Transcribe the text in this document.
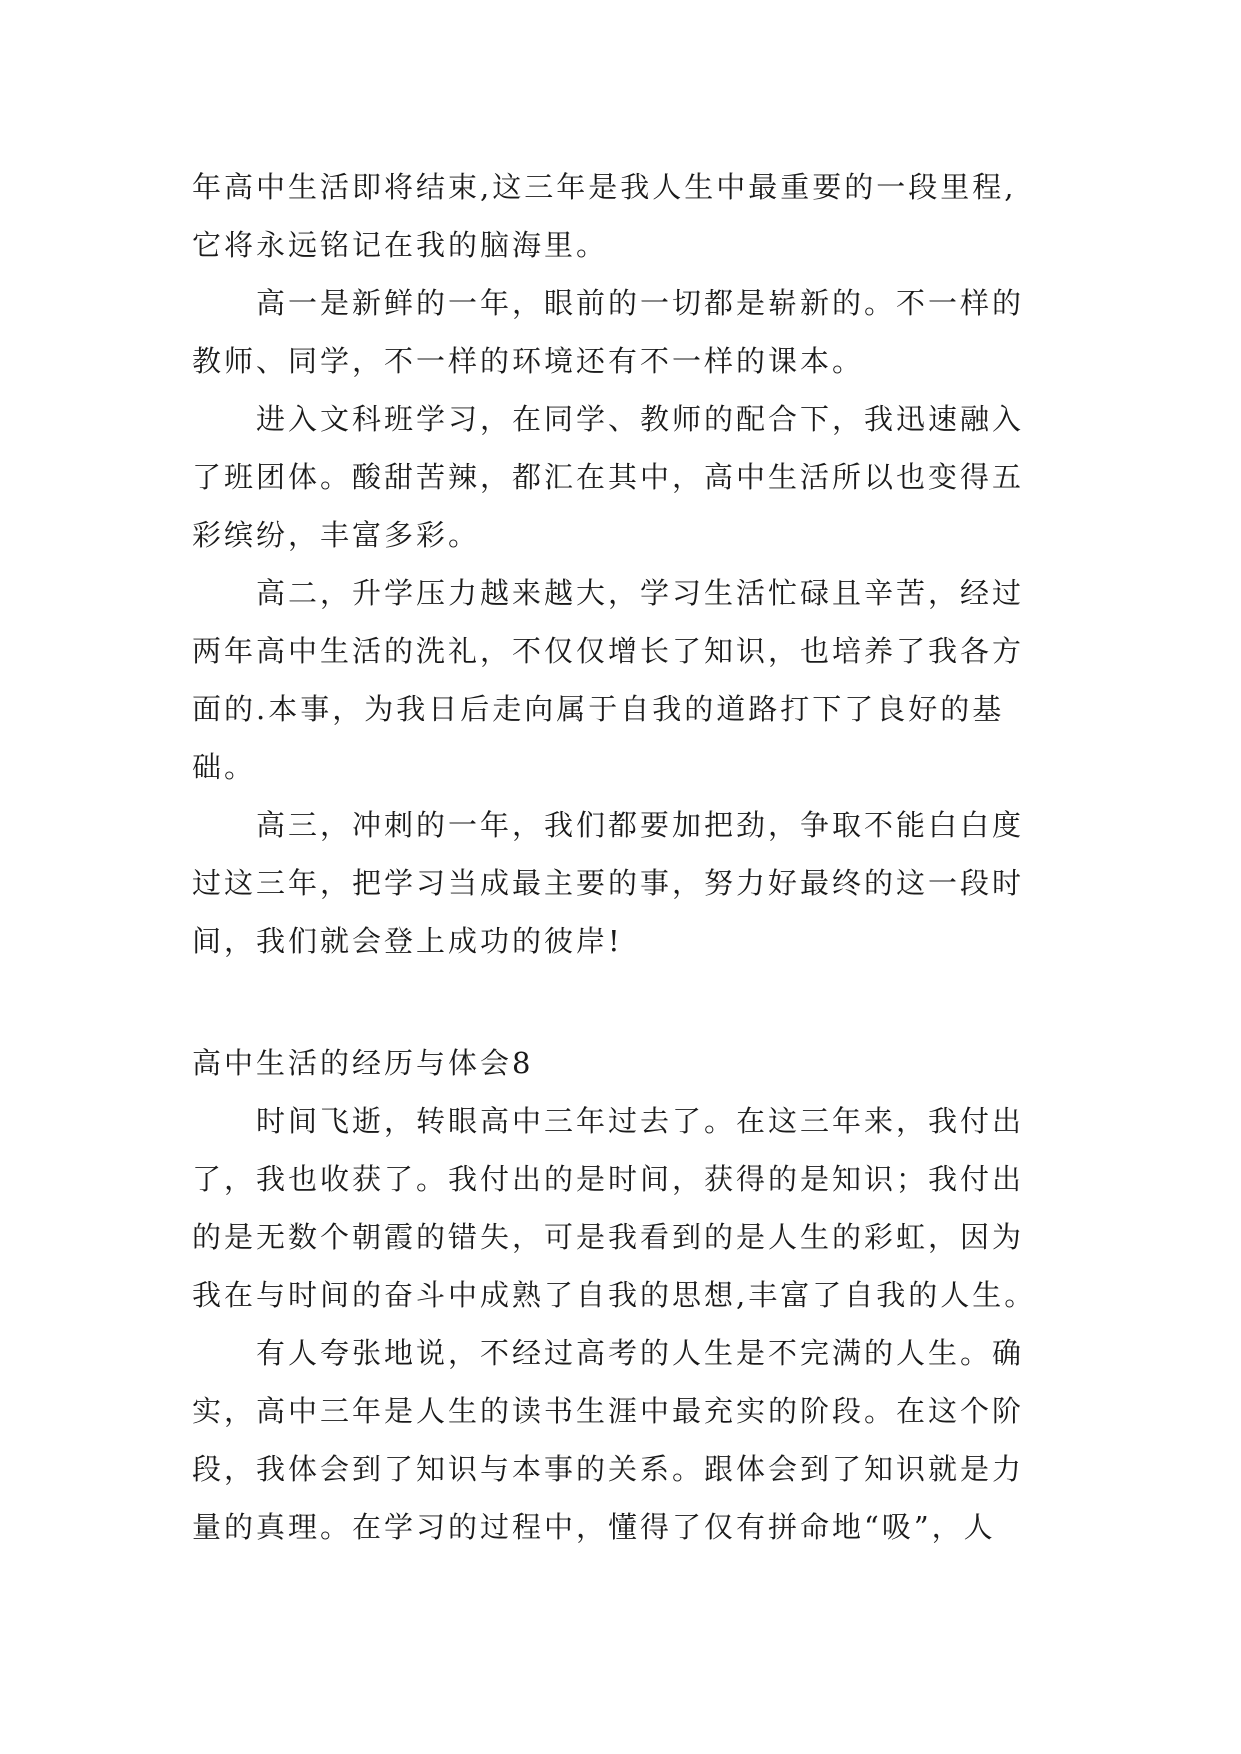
年高中生活即将结束,这三年是我人生中最重要的一段里程,
它将永远铭记在我的脑海里。
高一是新鲜的一年，眼前的一切都是崭新的。不一样的
教师、同学，不一样的环境还有不一样的课本。
进入文科班学习，在同学、教师的配合下，我迅速融入
了班团体。酸甜苦辣，都汇在其中，高中生活所以也变得五
彩缤纷，丰富多彩。
高二，升学压力越来越大，学习生活忙碌且辛苦，经过
两年高中生活的洗礼，不仅仅增长了知识，也培养了我各方
面的.本事，为我日后走向属于自我的道路打下了良好的基
础。
高三，冲刺的一年，我们都要加把劲，争取不能白白度
过这三年，把学习当成最主要的事，努力好最终的这一段时
间，我们就会登上成功的彼岸!
高中生活的经历与体会8
时间飞逝，转眼高中三年过去了。在这三年来，我付出
了，我也收获了。我付出的是时间，获得的是知识；我付出
的是无数个朝霞的错失，可是我看到的是人生的彩虹，因为
我在与时间的奋斗中成熟了自我的思想,丰富了自我的人生。
有人夸张地说，不经过高考的人生是不完满的人生。确
实，高中三年是人生的读书生涯中最充实的阶段。在这个阶
段，我体会到了知识与本事的关系。跟体会到了知识就是力
量的真理。在学习的过程中，懂得了仅有拼命地“吸”，人
